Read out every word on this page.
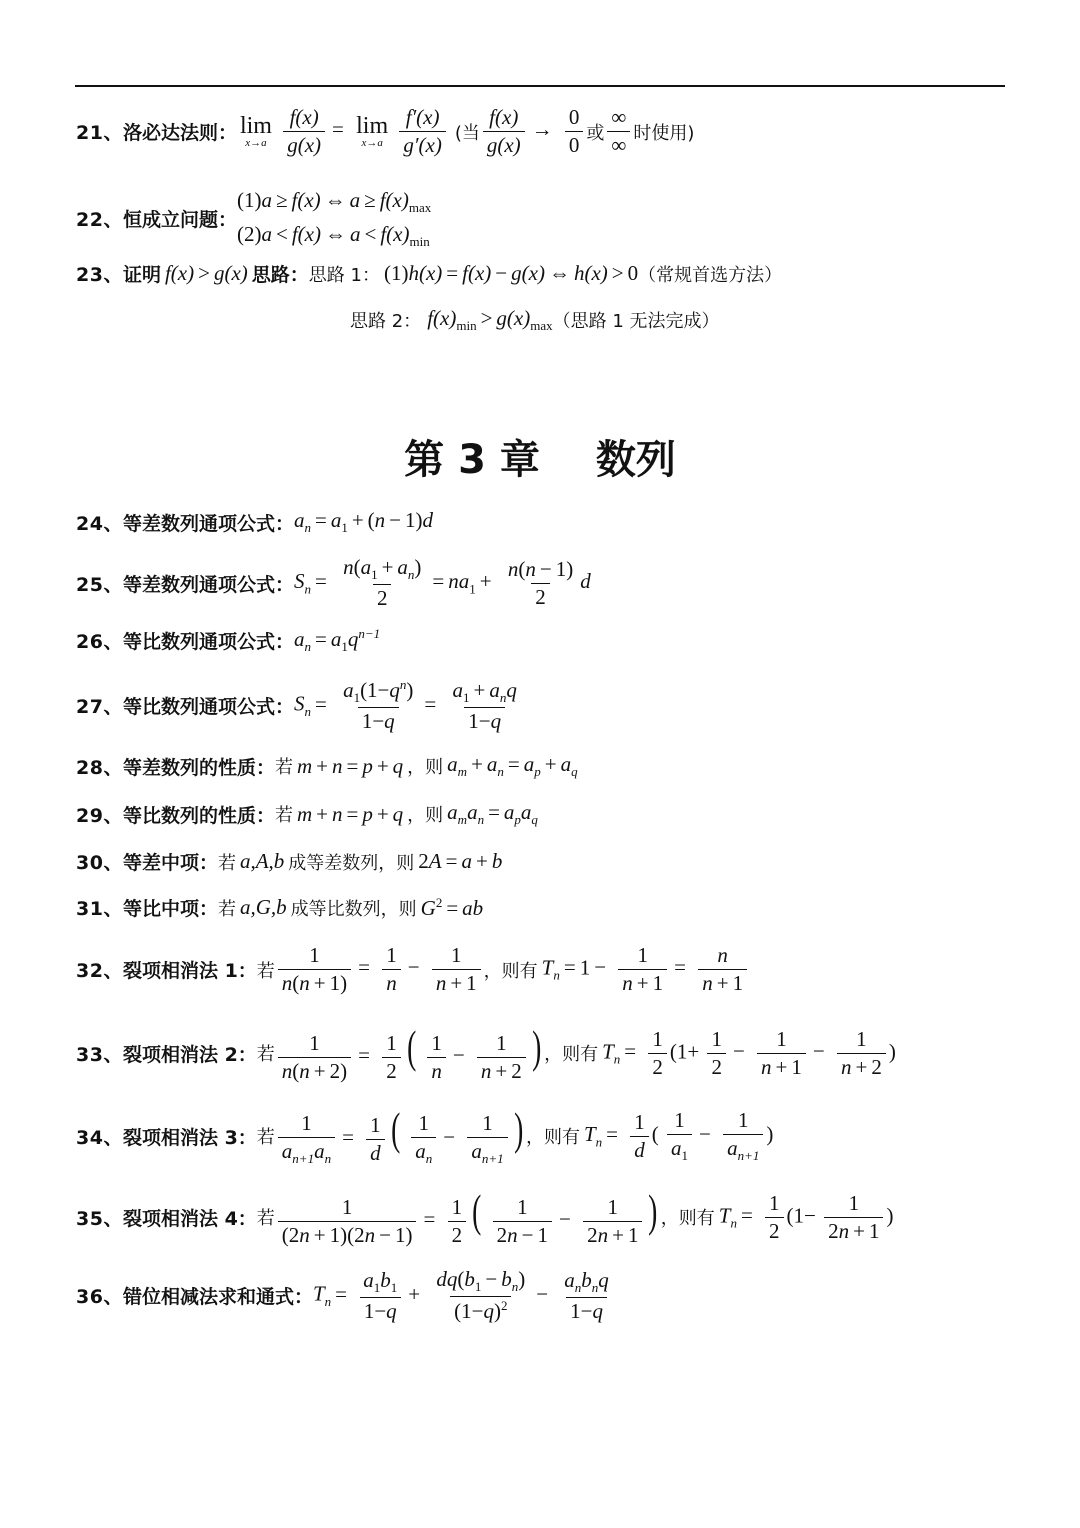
21、 洛必达法则： lim
x→a
$\frac{f(x)}{g(x)} = \lim$
x→a
$\frac{f'(x)}{g'(x)}$ (当 $\frac{f(x)}{g(x)} \to \frac{0}{0}$ 或 $\frac{\infty}{\infty}$ 时使用)
22、 恒成立问题：
(1)a ≥ f(x) ⇔ $a \ge f(x)_{max}$
(2)a < f(x) ⇔ $a < f(x)_{min}$
23、 证明 f(x) > g(x) 思路： 思路 1： (1)h(x) = f(x) − g(x) ⇔ h(x) > 0 （常规首选方法）
思路 2： $f(x)_{min} > g(x)_{max}$ （思路 1 无法完成）
第 3 章 数列
24、 等差数列通项公式： $a_n = a_1 + (n - 1)d$
25、 等差数列通项公式： $S_n = \frac{n(a_1 + a_n)}{2} = na_1 + \frac{n(n - 1)}{2}$ d
26、 等比数列通项公式： $a_n = a_1q^{n-1}$
27、 等比数列通项公式： $S_n = \frac{a_1(1-q^n)}{1-q} = \frac{a_1 + a_nq}{1-q}$
28、 等差数列的性质： 若 m + n = p + q ，则 $a_m + a_n = a_p + a_q$
29、 等比数列的性质： 若 m + n = p + q ，则 $a_ma_n = a_pa_q$
30、 等差中项： 若 a,A,b 成等差数列，则 2A = a + b
31、 等比中项： 若 a,G,b 成等比数列，则 $G^2$ = ab
32、 裂项相消法 1： 若 $\frac{1}{n(n + 1)} = \frac{1}{n} - \frac{1}{n + 1}$ ，则有 $T_n = 1 - \frac{1}{n + 1} = \frac{n}{n + 1}$
33、 裂项相消法 2： 若 $\frac{1}{n(n + 2)} = \frac{1}{2}$ ( $\frac{1}{n} - \frac{1}{n + 2}$ ) ，则有 $T_n = \frac{1}{2} (1+ \frac{1}{2} - \frac{1}{n + 1} - \frac{1}{n + 2}$ )
34、 裂项相消法 3： 若 $\frac{1}{a_{n+1}a_n} = \frac{1}{d}$ ( $\frac{1}{a_n} - \frac{1}{a_{n+1}}$ ) ，则有 $T_n = \frac{1}{d}$ ( $\frac{1}{a_1} - \frac{1}{a_{n+1}}$ )
35、 裂项相消法 4： 若 $\frac{1}{(2n + 1)(2n - 1)} = \frac{1}{2}$ ( $\frac{1}{2n - 1} - \frac{1}{2n + 1}$ ) ，则有 $T_n = \frac{1}{2} (1- \frac{1}{2n + 1}$ )
36、 错位相减法求和通式： $T_n = \frac{a_1b_1}{1-q} + \frac{dq(b_1 - b_n)}{(1-q)^2} - \frac{a_nb_nq}{1-q}$
